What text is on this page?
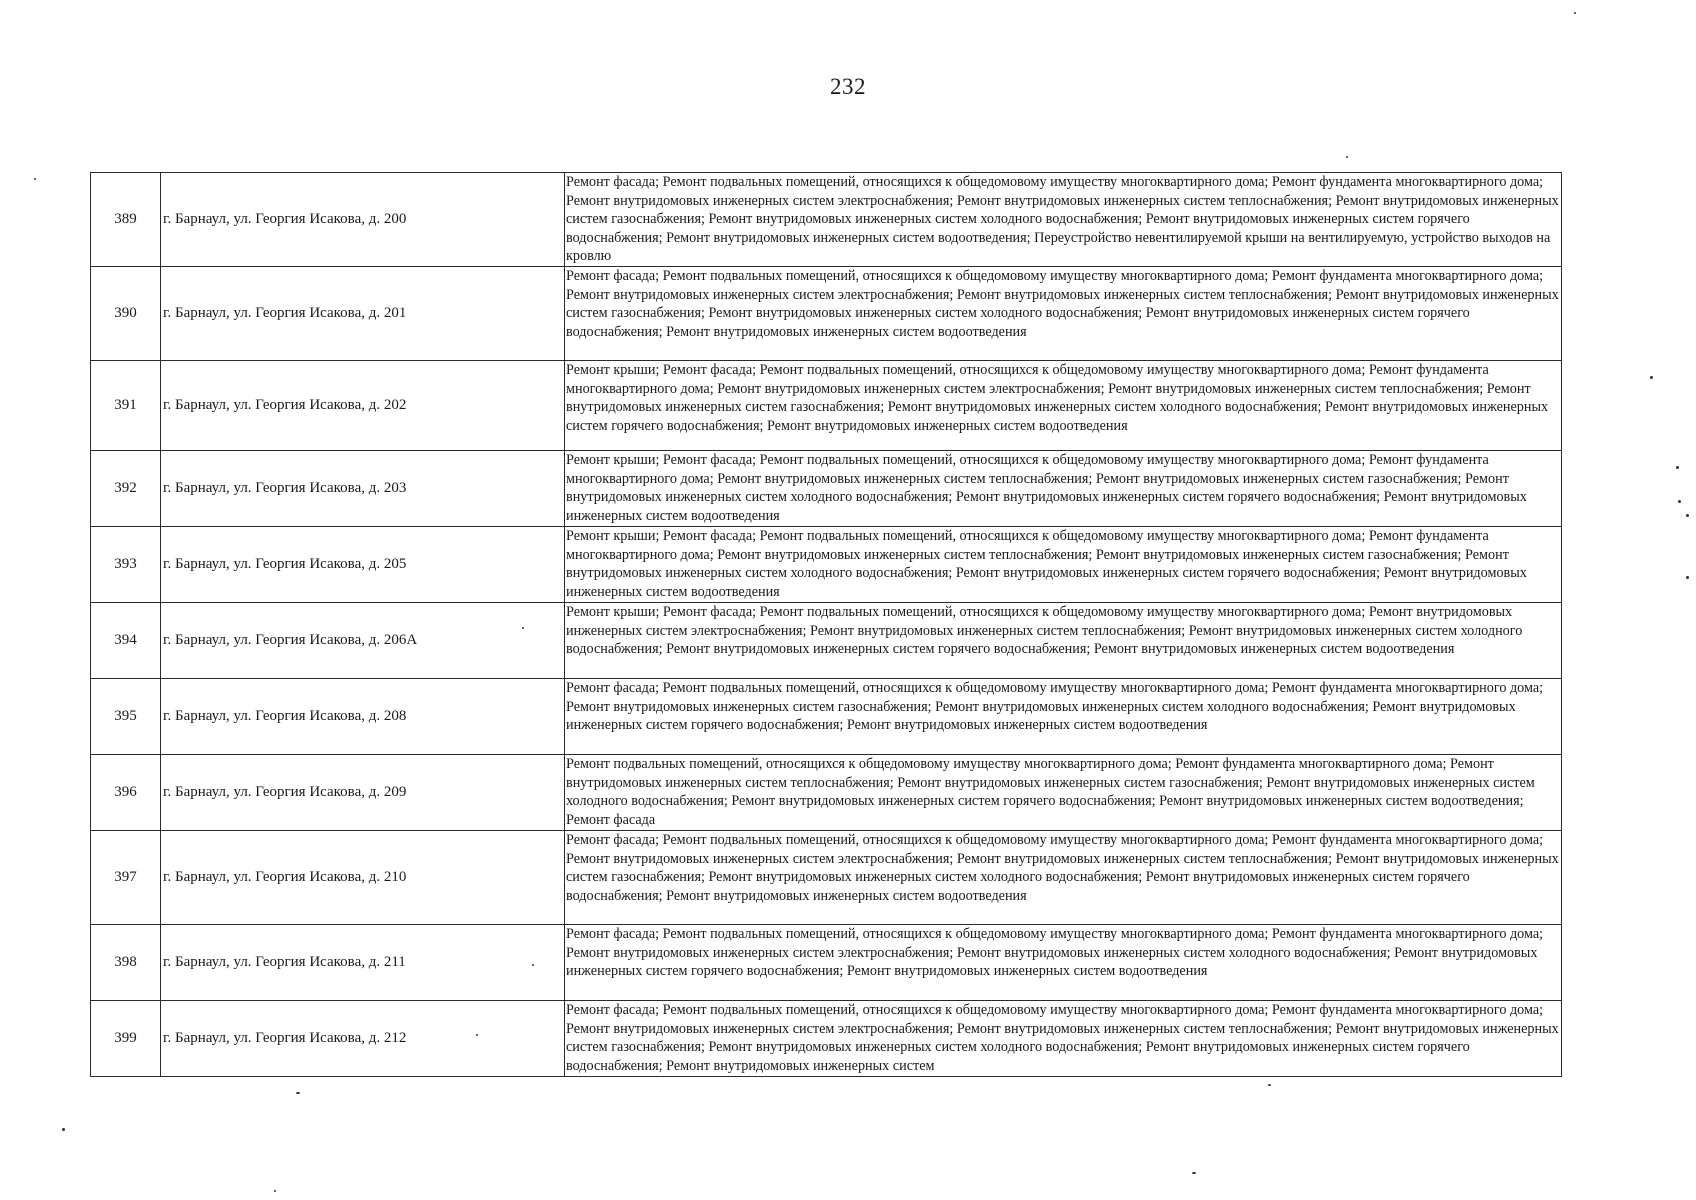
232
389	г. Барнаул, ул. Георгия Исакова, д. 200	Ремонт фасада; Ремонт подвальных помещений, относящихся к общедомовому имуществу многоквартирного дома; Ремонт фундамента многоквартирного дома; Ремонт внутридомовых инженерных систем электроснабжения; Ремонт внутридомовых инженерных систем теплоснабжения; Ремонт внутридомовых инженерных систем газоснабжения; Ремонт внутридомовых инженерных систем холодного водоснабжения; Ремонт внутридомовых инженерных систем горячего водоснабжения; Ремонт внутридомовых инженерных систем водоотведения; Переустройство невентилируемой крыши на вентилируемую, устройство выходов на кровлю
390	г. Барнаул, ул. Георгия Исакова, д. 201	Ремонт фасада; Ремонт подвальных помещений, относящихся к общедомовому имуществу многоквартирного дома; Ремонт фундамента многоквартирного дома; Ремонт внутридомовых инженерных систем электроснабжения; Ремонт внутридомовых инженерных систем теплоснабжения; Ремонт внутридомовых инженерных систем газоснабжения; Ремонт внутридомовых инженерных систем холодного водоснабжения; Ремонт внутридомовых инженерных систем горячего водоснабжения; Ремонт внутридомовых инженерных систем водоотведения
391	г. Барнаул, ул. Георгия Исакова, д. 202	Ремонт крыши; Ремонт фасада; Ремонт подвальных помещений, относящихся к общедомовому имуществу многоквартирного дома; Ремонт фундамента многоквартирного дома; Ремонт внутридомовых инженерных систем электроснабжения; Ремонт внутридомовых инженерных систем теплоснабжения; Ремонт внутридомовых инженерных систем газоснабжения; Ремонт внутридомовых инженерных систем холодного водоснабжения; Ремонт внутридомовых инженерных систем горячего водоснабжения; Ремонт внутридомовых инженерных систем водоотведения
392	г. Барнаул, ул. Георгия Исакова, д. 203	Ремонт крыши; Ремонт фасада; Ремонт подвальных помещений, относящихся к общедомовому имуществу многоквартирного дома; Ремонт фундамента многоквартирного дома; Ремонт внутридомовых инженерных систем теплоснабжения; Ремонт внутридомовых инженерных систем газоснабжения; Ремонт внутридомовых инженерных систем холодного водоснабжения; Ремонт внутридомовых инженерных систем горячего водоснабжения; Ремонт внутридомовых инженерных систем водоотведения
393	г. Барнаул, ул. Георгия Исакова, д. 205	Ремонт крыши; Ремонт фасада; Ремонт подвальных помещений, относящихся к общедомовому имуществу многоквартирного дома; Ремонт фундамента многоквартирного дома; Ремонт внутридомовых инженерных систем теплоснабжения; Ремонт внутридомовых инженерных систем газоснабжения; Ремонт внутридомовых инженерных систем холодного водоснабжения; Ремонт внутридомовых инженерных систем горячего водоснабжения; Ремонт внутридомовых инженерных систем водоотведения
394	г. Барнаул, ул. Георгия Исакова, д. 206А	Ремонт крыши; Ремонт фасада; Ремонт подвальных помещений, относящихся к общедомовому имуществу многоквартирного дома; Ремонт внутридомовых инженерных систем электроснабжения; Ремонт внутридомовых инженерных систем теплоснабжения; Ремонт внутридомовых инженерных систем холодного водоснабжения; Ремонт внутридомовых инженерных систем горячего водоснабжения; Ремонт внутридомовых инженерных систем водоотведения
395	г. Барнаул, ул. Георгия Исакова, д. 208	Ремонт фасада; Ремонт подвальных помещений, относящихся к общедомовому имуществу многоквартирного дома; Ремонт фундамента многоквартирного дома; Ремонт внутридомовых инженерных систем газоснабжения; Ремонт внутридомовых инженерных систем холодного водоснабжения; Ремонт внутридомовых инженерных систем горячего водоснабжения; Ремонт внутридомовых инженерных систем водоотведения
396	г. Барнаул, ул. Георгия Исакова, д. 209	Ремонт подвальных помещений, относящихся к общедомовому имуществу многоквартирного дома; Ремонт фундамента многоквартирного дома; Ремонт внутридомовых инженерных систем теплоснабжения; Ремонт внутридомовых инженерных систем газоснабжения; Ремонт внутридомовых инженерных систем холодного водоснабжения; Ремонт внутридомовых инженерных систем горячего водоснабжения; Ремонт внутридомовых инженерных систем водоотведения; Ремонт фасада
397	г. Барнаул, ул. Георгия Исакова, д. 210	Ремонт фасада; Ремонт подвальных помещений, относящихся к общедомовому имуществу многоквартирного дома; Ремонт фундамента многоквартирного дома; Ремонт внутридомовых инженерных систем электроснабжения; Ремонт внутридомовых инженерных систем теплоснабжения; Ремонт внутридомовых инженерных систем газоснабжения; Ремонт внутридомовых инженерных систем холодного водоснабжения; Ремонт внутридомовых инженерных систем горячего водоснабжения; Ремонт внутридомовых инженерных систем водоотведения
398	г. Барнаул, ул. Георгия Исакова, д. 211	Ремонт фасада; Ремонт подвальных помещений, относящихся к общедомовому имуществу многоквартирного дома; Ремонт фундамента многоквартирного дома; Ремонт внутридомовых инженерных систем электроснабжения; Ремонт внутридомовых инженерных систем холодного водоснабжения; Ремонт внутридомовых инженерных систем горячего водоснабжения; Ремонт внутридомовых инженерных систем водоотведения
399	г. Барнаул, ул. Георгия Исакова, д. 212	Ремонт фасада; Ремонт подвальных помещений, относящихся к общедомовому имуществу многоквартирного дома; Ремонт фундамента многоквартирного дома; Ремонт внутридомовых инженерных систем электроснабжения; Ремонт внутридомовых инженерных систем теплоснабжения; Ремонт внутридомовых инженерных систем газоснабжения; Ремонт внутридомовых инженерных систем холодного водоснабжения; Ремонт внутридомовых инженерных систем горячего водоснабжения; Ремонт внутридомовых инженерных систем
